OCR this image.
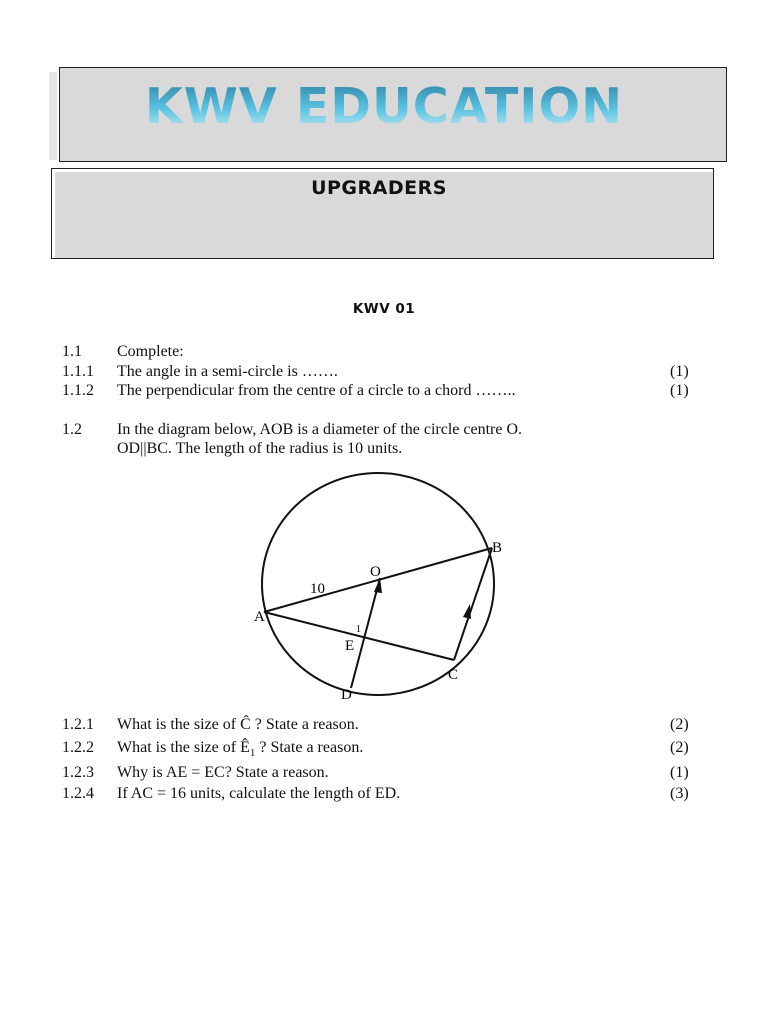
KWV EDUCATION
UPGRADERS
KWV 01
1.1 Complete:
1.1.1 The angle in a semi-circle is …….	(1)
1.1.2 The perpendicular from the centre of a circle to a chord ……..	(1)
1.2 In the diagram below, AOB is a diameter of the circle centre O.
OD||BC. The length of the radius is 10 units.
A
B
C
D
E
O
10
1
1.2.1 What is the size of Ĉ ? State a reason.	(2)
1.2.2 What is the size of $Ê_1$ ? State a reason.	(2)
1.2.3 Why is AE = EC? State a reason.	(1)
1.2.4 If AC = 16 units, calculate the length of ED.	(3)
